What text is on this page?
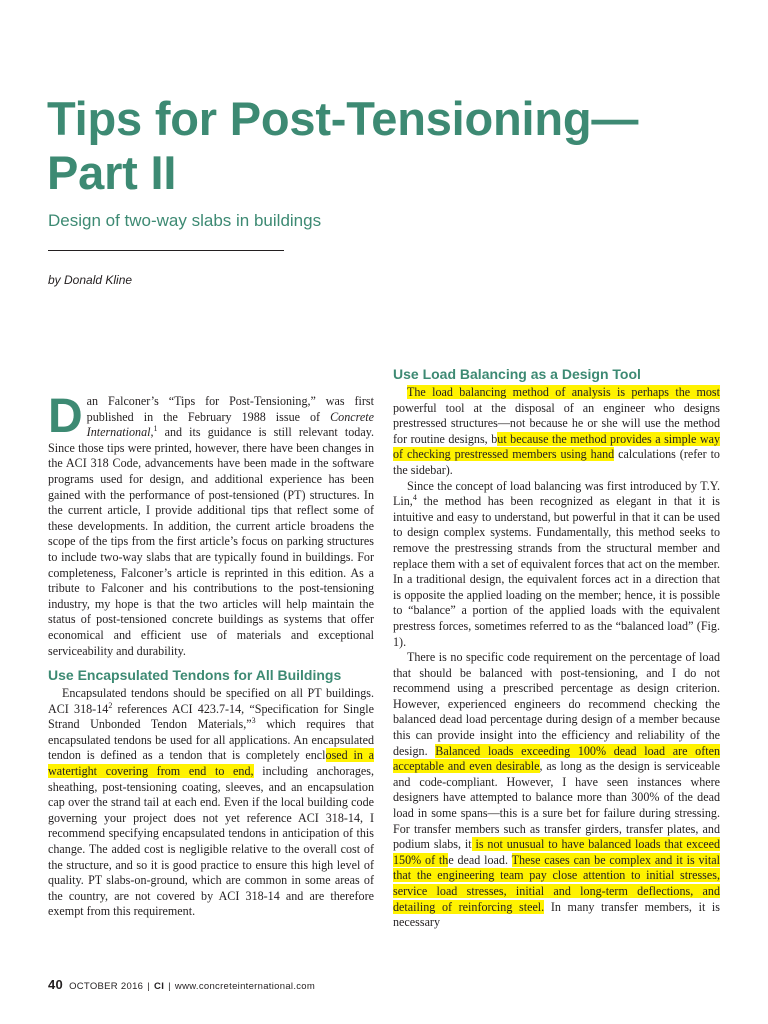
Tips for Post-Tensioning—
Part II

Design of two-way slabs in buildings

by Donald Kline

Dan Falconer’s “Tips for Post-Tensioning,” was first published in the February 1988 issue of Concrete International,$^1$ and its guidance is still relevant today. Since those tips were printed, however, there have been changes in the ACI 318 Code, advancements have been made in the software programs used for design, and additional experience has been gained with the performance of post-tensioned (PT) structures. In the current article, I provide additional tips that reflect some of these developments. In addition, the current article broadens the scope of the tips from the first article’s focus on parking structures to include two-way slabs that are typically found in buildings. For completeness, Falconer’s article is reprinted in this edition. As a tribute to Falconer and his contributions to the post-tensioning industry, my hope is that the two articles will help maintain the status of post-tensioned concrete buildings as systems that offer economical and efficient use of materials and exceptional serviceability and durability.

Use Encapsulated Tendons for All Buildings

Encapsulated tendons should be specified on all PT buildings. ACI $318-14^2$ references ACI 423.7-14, “Specification for Single Strand Unbonded Tendon Materials,”$^3$ which requires that encapsulated tendons be used for all applications. An encapsulated tendon is defined as a tendon that is completely enclosed in a watertight covering from end to end, including anchorages, sheathing, post-tensioning coating, sleeves, and an encapsulation cap over the strand tail at each end. Even if the local building code governing your project does not yet reference ACI 318-14, I recommend specifying encapsulated tendons in anticipation of this change. The added cost is negligible relative to the overall cost of the structure, and so it is good practice to ensure this high level of quality. PT slabs-on-ground, which are common in some areas of the country, are not covered by ACI 318-14 and are therefore exempt from this requirement.

Use Load Balancing as a Design Tool

The load balancing method of analysis is perhaps the most powerful tool at the disposal of an engineer who designs prestressed structures—not because he or she will use the method for routine designs, but because the method provides a simple way of checking prestressed members using hand calculations (refer to the sidebar).

Since the concept of load balancing was first introduced by T.Y. Lin,$^4$ the method has been recognized as elegant in that it is intuitive and easy to understand, but powerful in that it can be used to design complex systems. Fundamentally, this method seeks to remove the prestressing strands from the structural member and replace them with a set of equivalent forces that act on the member. In a traditional design, the equivalent forces act in a direction that is opposite the applied loading on the member; hence, it is possible to “balance” a portion of the applied loads with the equivalent prestress forces, sometimes referred to as the “balanced load” (Fig. 1).

There is no specific code requirement on the percentage of load that should be balanced with post-tensioning, and I do not recommend using a prescribed percentage as design criterion. However, experienced engineers do recommend checking the balanced dead load percentage during design of a member because this can provide insight into the efficiency and reliability of the design. Balanced loads exceeding 100% dead load are often acceptable and even desirable, as long as the design is serviceable and code-compliant. However, I have seen instances where designers have attempted to balance more than 300% of the dead load in some spans—this is a sure bet for failure during stressing. For transfer members such as transfer girders, transfer plates, and podium slabs, it is not unusual to have balanced loads that exceed 150% of the dead load. These cases can be complex and it is vital that the engineering team pay close attention to initial stresses, service load stresses, initial and long-term deflections, and detailing of reinforcing steel. In many transfer members, it is necessary

40 OCTOBER 2016 | CI | www.concreteinternational.com
